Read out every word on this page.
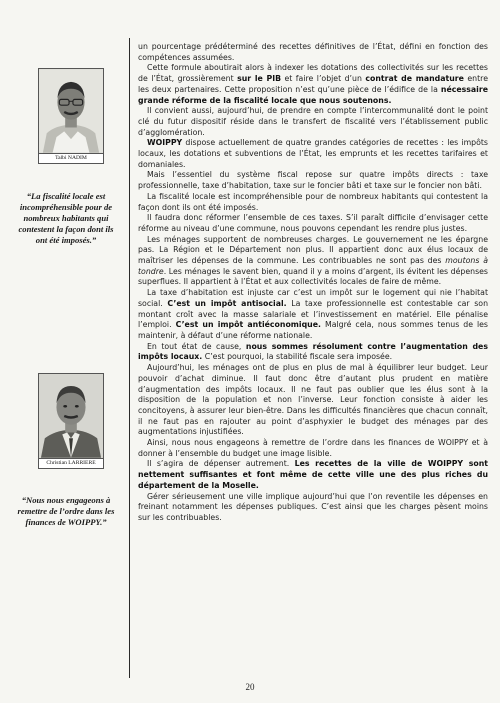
Talbi NADIM
“La fiscalité locale est incompréhensible pour de nombreux habitants qui contestent la façon dont ils ont été imposés.”
Christian LARRIERE
“Nous nous engageons à remettre de l’ordre dans les finances de WOIPPY.”

un pourcentage prédéterminé des recettes définitives de l’État, défini en fonction des compétences assumées.

Cette formule aboutirait alors à indexer les dotations des collectivités sur les recettes de l’État, grossièrement sur le PIB et faire l’objet d’un contrat de mandature entre les deux partenaires. Cette proposition n’est qu’une pièce de l’édifice de la nécessaire grande réforme de la fiscalité locale que nous soutenons.

Il convient aussi, aujourd’hui, de prendre en compte l’intercommunalité dont le point clé du futur dispositif réside dans le transfert de fiscalité vers l’établissement public d’agglomération.

WOIPPY dispose actuellement de quatre grandes catégories de recettes : les impôts locaux, les dotations et subventions de l’État, les emprunts et les recettes tarifaires et domaniales.

Mais l’essentiel du système fiscal repose sur quatre impôts directs : taxe professionnelle, taxe d’habitation, taxe sur le foncier bâti et taxe sur le foncier non bâti.

La fiscalité locale est incompréhensible pour de nombreux habitants qui contestent la façon dont ils ont été imposés.

Il faudra donc réformer l’ensemble de ces taxes. S’il paraît difficile d’envisager cette réforme au niveau d’une commune, nous pouvons cependant les rendre plus justes.

Les ménages supportent de nombreuses charges. Le gouvernement ne les épargne pas. La Région et le Département non plus. Il appartient donc aux élus locaux de maîtriser les dépenses de la commune. Les contribuables ne sont pas des moutons à tondre. Les ménages le savent bien, quand il y a moins d’argent, ils évitent les dépenses superflues. Il appartient à l’État et aux collectivités locales de faire de même.

La taxe d’habitation est injuste car c’est un impôt sur le logement qui nie l’habitat social. C’est un impôt antisocial. La taxe professionnelle est contestable car son montant croît avec la masse salariale et l’investissement en matériel. Elle pénalise l’emploi. C’est un impôt antiéconomique. Malgré cela, nous sommes tenus de les maintenir, à défaut d’une réforme nationale.

En tout état de cause, nous sommes résolument contre l’augmentation des impôts locaux. C’est pourquoi, la stabilité fiscale sera imposée.

Aujourd’hui, les ménages ont de plus en plus de mal à équilibrer leur budget. Leur pouvoir d’achat diminue. Il faut donc être d’autant plus prudent en matière d’augmentation des impôts locaux. Il ne faut pas oublier que les élus sont à la disposition de la population et non l’inverse. Leur fonction consiste à aider les concitoyens, à assurer leur bien-être. Dans les difficultés financières que chacun connaît, il ne faut pas en rajouter au point d’asphyxier le budget des ménages par des augmentations injustifiées.

Ainsi, nous nous engageons à remettre de l’ordre dans les finances de WOIPPY et à donner à l’ensemble du budget une image lisible.

Il s’agira de dépenser autrement. Les recettes de la ville de WOIPPY sont nettement suffisantes et font même de cette ville une des plus riches du département de la Moselle.

Gérer sérieusement une ville implique aujourd’hui que l’on reventile les dépenses en freinant notamment les dépenses publiques. C’est ainsi que les charges pèsent moins sur les contribuables.

20
